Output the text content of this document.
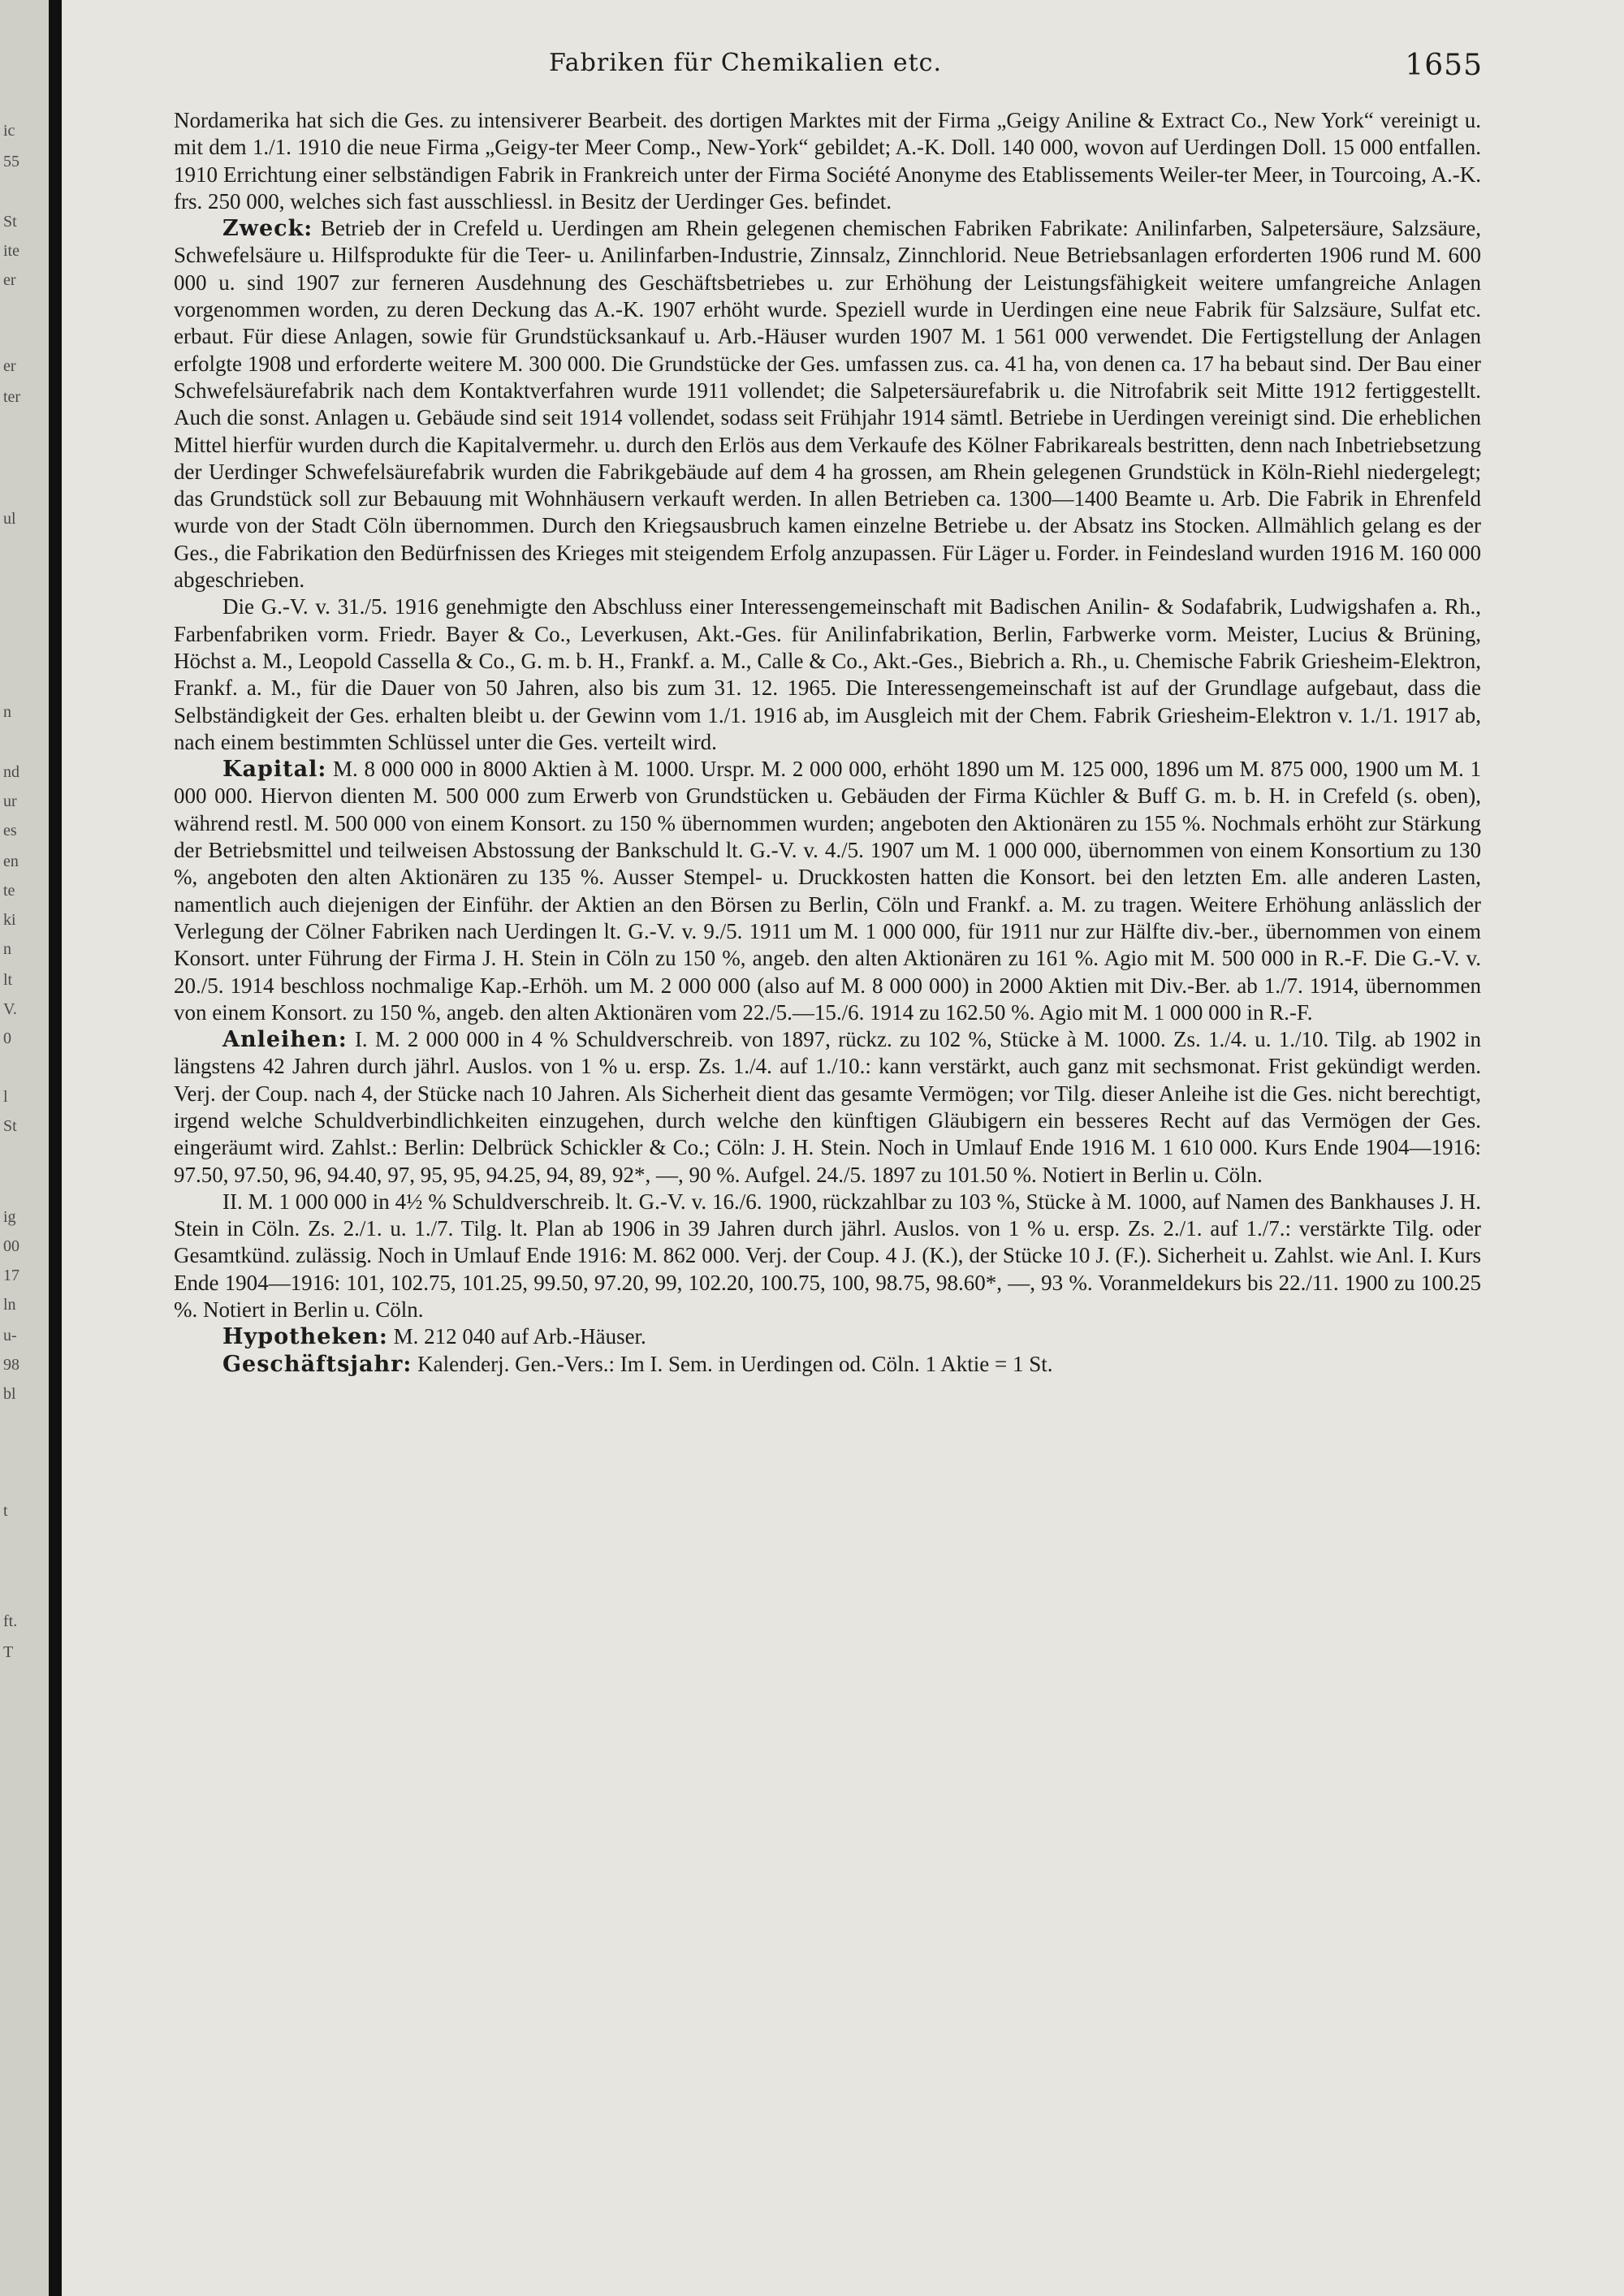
ic
55
St
ite
er
er
ter
ul
n
nd
ur
es
en
te
ki
n
lt
V.
0
l
St
ig
00
17
ln
u-
98
bl
t
ft.
T
Fabriken für Chemikalien etc.	1655

Nordamerika hat sich die Ges. zu intensiverer Bearbeit. des dortigen Marktes mit der Firma „Geigy Aniline & Extract Co., New York“ vereinigt u. mit dem 1./1. 1910 die neue Firma „Geigy-ter Meer Comp., New-York“ gebildet; A.-K. Doll. 140 000, wovon auf Uerdingen Doll. 15 000 entfallen. 1910 Errichtung einer selbständigen Fabrik in Frankreich unter der Firma Société Anonyme des Etablissements Weiler-ter Meer, in Tourcoing, A.-K. frs. 250 000, welches sich fast ausschliessl. in Besitz der Uerdinger Ges. befindet.

Zweck: Betrieb der in Crefeld u. Uerdingen am Rhein gelegenen chemischen Fabriken Fabrikate: Anilinfarben, Salpetersäure, Salzsäure, Schwefelsäure u. Hilfsprodukte für die Teer- u. Anilinfarben-Industrie, Zinnsalz, Zinnchlorid. Neue Betriebsanlagen erforderten 1906 rund M. 600 000 u. sind 1907 zur ferneren Ausdehnung des Geschäftsbetriebes u. zur Erhöhung der Leistungsfähigkeit weitere umfangreiche Anlagen vorgenommen worden, zu deren Deckung das A.-K. 1907 erhöht wurde. Speziell wurde in Uerdingen eine neue Fabrik für Salzsäure, Sulfat etc. erbaut. Für diese Anlagen, sowie für Grundstücksankauf u. Arb.-Häuser wurden 1907 M. 1 561 000 verwendet. Die Fertigstellung der Anlagen erfolgte 1908 und erforderte weitere M. 300 000. Die Grundstücke der Ges. umfassen zus. ca. 41 ha, von denen ca. 17 ha bebaut sind. Der Bau einer Schwefelsäurefabrik nach dem Kontaktverfahren wurde 1911 vollendet; die Salpetersäurefabrik u. die Nitrofabrik seit Mitte 1912 fertiggestellt. Auch die sonst. Anlagen u. Gebäude sind seit 1914 vollendet, sodass seit Frühjahr 1914 sämtl. Betriebe in Uerdingen vereinigt sind. Die erheblichen Mittel hierfür wurden durch die Kapitalvermehr. u. durch den Erlös aus dem Verkaufe des Kölner Fabrikareals bestritten, denn nach Inbetriebsetzung der Uerdinger Schwefelsäurefabrik wurden die Fabrikgebäude auf dem 4 ha grossen, am Rhein gelegenen Grundstück in Köln-Riehl niedergelegt; das Grundstück soll zur Bebauung mit Wohnhäusern verkauft werden. In allen Betrieben ca. 1300—1400 Beamte u. Arb. Die Fabrik in Ehrenfeld wurde von der Stadt Cöln übernommen. Durch den Kriegsausbruch kamen einzelne Betriebe u. der Absatz ins Stocken. Allmählich gelang es der Ges., die Fabrikation den Bedürfnissen des Krieges mit steigendem Erfolg anzupassen. Für Läger u. Forder. in Feindesland wurden 1916 M. 160 000 abgeschrieben.

Die G.-V. v. 31./5. 1916 genehmigte den Abschluss einer Interessengemeinschaft mit Badischen Anilin- & Sodafabrik, Ludwigshafen a. Rh., Farbenfabriken vorm. Friedr. Bayer & Co., Leverkusen, Akt.-Ges. für Anilinfabrikation, Berlin, Farbwerke vorm. Meister, Lucius & Brüning, Höchst a. M., Leopold Cassella & Co., G. m. b. H., Frankf. a. M., Calle & Co., Akt.-Ges., Biebrich a. Rh., u. Chemische Fabrik Griesheim-Elektron, Frankf. a. M., für die Dauer von 50 Jahren, also bis zum 31. 12. 1965. Die Interessengemeinschaft ist auf der Grundlage aufgebaut, dass die Selbständigkeit der Ges. erhalten bleibt u. der Gewinn vom 1./1. 1916 ab, im Ausgleich mit der Chem. Fabrik Griesheim-Elektron v. 1./1. 1917 ab, nach einem bestimmten Schlüssel unter die Ges. verteilt wird.

Kapital: M. 8 000 000 in 8000 Aktien à M. 1000. Urspr. M. 2 000 000, erhöht 1890 um M. 125 000, 1896 um M. 875 000, 1900 um M. 1 000 000. Hiervon dienten M. 500 000 zum Erwerb von Grundstücken u. Gebäuden der Firma Küchler & Buff G. m. b. H. in Crefeld (s. oben), während restl. M. 500 000 von einem Konsort. zu 150 % übernommen wurden; angeboten den Aktionären zu 155 %. Nochmals erhöht zur Stärkung der Betriebsmittel und teilweisen Abstossung der Bankschuld lt. G.-V. v. 4./5. 1907 um M. 1 000 000, übernommen von einem Konsortium zu 130 %, angeboten den alten Aktionären zu 135 %. Ausser Stempel- u. Druckkosten hatten die Konsort. bei den letzten Em. alle anderen Lasten, namentlich auch diejenigen der Einführ. der Aktien an den Börsen zu Berlin, Cöln und Frankf. a. M. zu tragen. Weitere Erhöhung anlässlich der Verlegung der Cölner Fabriken nach Uerdingen lt. G.-V. v. 9./5. 1911 um M. 1 000 000, für 1911 nur zur Hälfte div.-ber., übernommen von einem Konsort. unter Führung der Firma J. H. Stein in Cöln zu 150 %, angeb. den alten Aktionären zu 161 %. Agio mit M. 500 000 in R.-F. Die G.-V. v. 20./5. 1914 beschloss nochmalige Kap.-Erhöh. um M. 2 000 000 (also auf M. 8 000 000) in 2000 Aktien mit Div.-Ber. ab 1./7. 1914, übernommen von einem Konsort. zu 150 %, angeb. den alten Aktionären vom 22./5.—15./6. 1914 zu 162.50 %. Agio mit M. 1 000 000 in R.-F.

Anleihen: I. M. 2 000 000 in 4 % Schuldverschreib. von 1897, rückz. zu 102 %, Stücke à M. 1000. Zs. 1./4. u. 1./10. Tilg. ab 1902 in längstens 42 Jahren durch jährl. Auslos. von 1 % u. ersp. Zs. 1./4. auf 1./10.: kann verstärkt, auch ganz mit sechsmonat. Frist gekündigt werden. Verj. der Coup. nach 4, der Stücke nach 10 Jahren. Als Sicherheit dient das gesamte Vermögen; vor Tilg. dieser Anleihe ist die Ges. nicht berechtigt, irgend welche Schuldverbindlichkeiten einzugehen, durch welche den künftigen Gläubigern ein besseres Recht auf das Vermögen der Ges. eingeräumt wird. Zahlst.: Berlin: Delbrück Schickler & Co.; Cöln: J. H. Stein. Noch in Umlauf Ende 1916 M. 1 610 000. Kurs Ende 1904—1916: 97.50, 97.50, 96, 94.40, 97, 95, 95, 94.25, 94, 89, 92*, —, 90 %. Aufgel. 24./5. 1897 zu 101.50 %. Notiert in Berlin u. Cöln.

II. M. 1 000 000 in 4½ % Schuldverschreib. lt. G.-V. v. 16./6. 1900, rückzahlbar zu 103 %, Stücke à M. 1000, auf Namen des Bankhauses J. H. Stein in Cöln. Zs. 2./1. u. 1./7. Tilg. lt. Plan ab 1906 in 39 Jahren durch jährl. Auslos. von 1 % u. ersp. Zs. 2./1. auf 1./7.: verstärkte Tilg. oder Gesamtkünd. zulässig. Noch in Umlauf Ende 1916: M. 862 000. Verj. der Coup. 4 J. (K.), der Stücke 10 J. (F.). Sicherheit u. Zahlst. wie Anl. I. Kurs Ende 1904—1916: 101, 102.75, 101.25, 99.50, 97.20, 99, 102.20, 100.75, 100, 98.75, 98.60*, —, 93 %. Voranmeldekurs bis 22./11. 1900 zu 100.25 %. Notiert in Berlin u. Cöln.

Hypotheken: M. 212 040 auf Arb.-Häuser.

Geschäftsjahr: Kalenderj. Gen.-Vers.: Im I. Sem. in Uerdingen od. Cöln. 1 Aktie = 1 St.
